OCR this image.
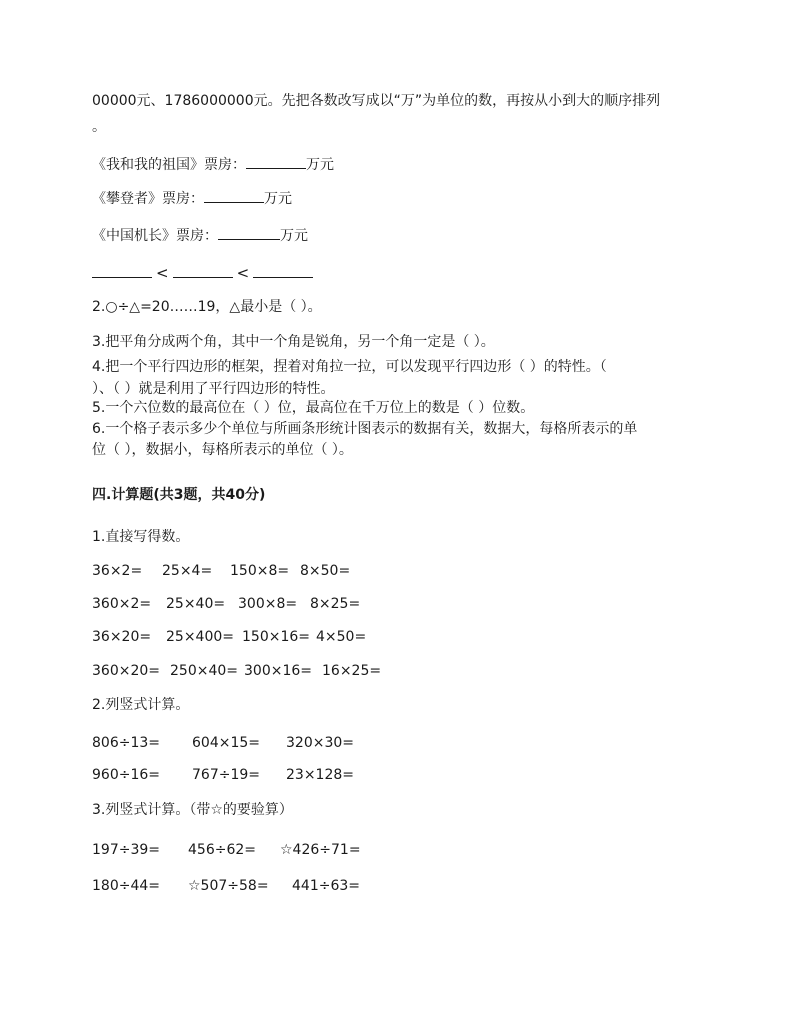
00000元、1786000000元。先把各数改写成以“万”为单位的数，再按从小到大的顺序排列
。
《我和我的祖国》票房：	万元
《攀登者》票房：	万元
《中国机长》票房：	万元
<	<
2.○÷△=20……19，△最小是（ ）。
3.把平角分成两个角，其中一个角是锐角，另一个角一定是（ ）。
4.把一个平行四边形的框架，捏着对角拉一拉，可以发现平行四边形（ ）的特性。（
）、（ ）就是利用了平行四边形的特性。
5.一个六位数的最高位在（ ）位，最高位在千万位上的数是（ ）位数。
6.一个格子表示多少个单位与所画条形统计图表示的数据有关，数据大，每格所表示的单
位（ ），数据小，每格所表示的单位（ ）。
四.计算题(共3题，共40分)
1.直接写得数。
36×2= 25×4= 150×8= 8×50=
360×2= 25×40= 300×8= 8×25=
36×20= 25×400= 150×16= 4×50=
360×20= 250×40= 300×16= 16×25=
2.列竖式计算。
806÷13= 604×15= 320×30=
960÷16= 767÷19= 23×128=
3.列竖式计算。（带☆的要验算）
197÷39= 456÷62= ☆426÷71=
180÷44= ☆507÷58= 441÷63=
